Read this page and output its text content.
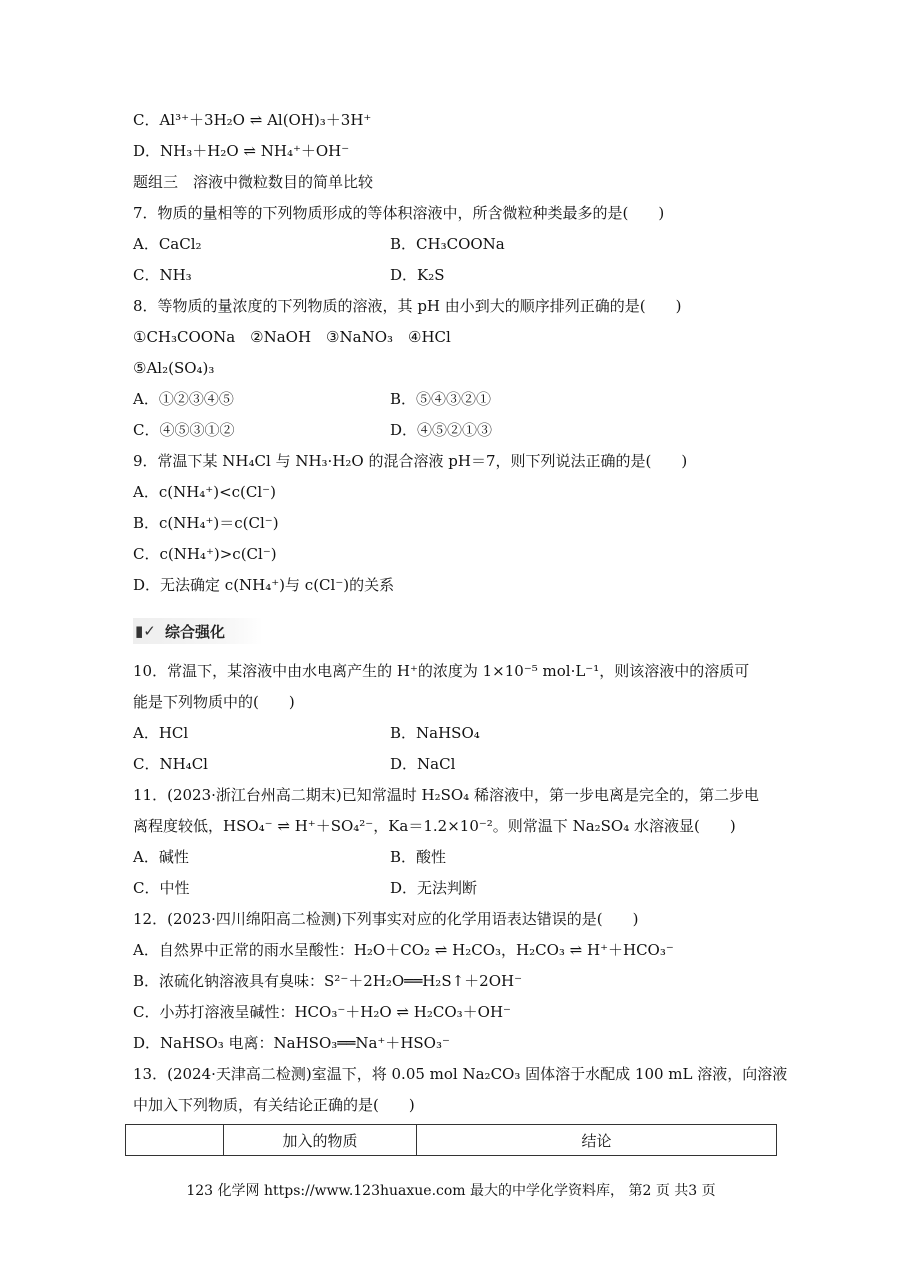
C．Al³⁺＋3H₂O ⇌ Al(OH)₃＋3H⁺
D．NH₃＋H₂O ⇌ NH₄⁺＋OH⁻
题组三　溶液中微粒数目的简单比较
7．物质的量相等的下列物质形成的等体积溶液中，所含微粒种类最多的是(　　)
A．CaCl₂	B．CH₃COONa
C．NH₃	D．K₂S
8．等物质的量浓度的下列物质的溶液，其 pH 由小到大的顺序排列正确的是(　　)
①CH₃COONa　②NaOH　③NaNO₃　④HCl
⑤Al₂(SO₄)₃
A．①②③④⑤	B．⑤④③②①
C．④⑤③①②	D．④⑤②①③
9．常温下某 NH₄Cl 与 NH₃·H₂O 的混合溶液 pH＝7，则下列说法正确的是(　　)
A．c(NH₄⁺)<c(Cl⁻)
B．c(NH₄⁺)＝c(Cl⁻)
C．c(NH₄⁺)>c(Cl⁻)
D．无法确定 c(NH₄⁺)与 c(Cl⁻)的关系
▮✓ 综合强化
10．常温下，某溶液中由水电离产生的 H⁺的浓度为 1×10⁻⁵ mol·L⁻¹，则该溶液中的溶质可
能是下列物质中的(　　)
A．HCl	B．NaHSO₄
C．NH₄Cl	D．NaCl
11．(2023·浙江台州高二期末)已知常温时 H₂SO₄ 稀溶液中，第一步电离是完全的，第二步电
离程度较低，HSO₄⁻ ⇌ H⁺＋SO₄²⁻，Ka＝1.2×10⁻²。则常温下 Na₂SO₄ 水溶液显(　　)
A．碱性	B．酸性
C．中性	D．无法判断
12．(2023·四川绵阳高二检测)下列事实对应的化学用语表达错误的是(　　)
A．自然界中正常的雨水呈酸性：H₂O＋CO₂ ⇌ H₂CO₃，H₂CO₃ ⇌ H⁺＋HCO₃⁻
B．浓硫化钠溶液具有臭味：S²⁻＋2H₂O══H₂S↑＋2OH⁻
C．小苏打溶液呈碱性：HCO₃⁻＋H₂O ⇌ H₂CO₃＋OH⁻
D．NaHSO₃ 电离：NaHSO₃══Na⁺＋HSO₃⁻
13．(2024·天津高二检测)室温下，将 0.05 mol Na₂CO₃ 固体溶于水配成 100 mL 溶液，向溶液
中加入下列物质，有关结论正确的是(　　)
	加入的物质	结论
123 化学网 https://www.123huaxue.com 最大的中学化学资料库， 第2 页 共3 页
